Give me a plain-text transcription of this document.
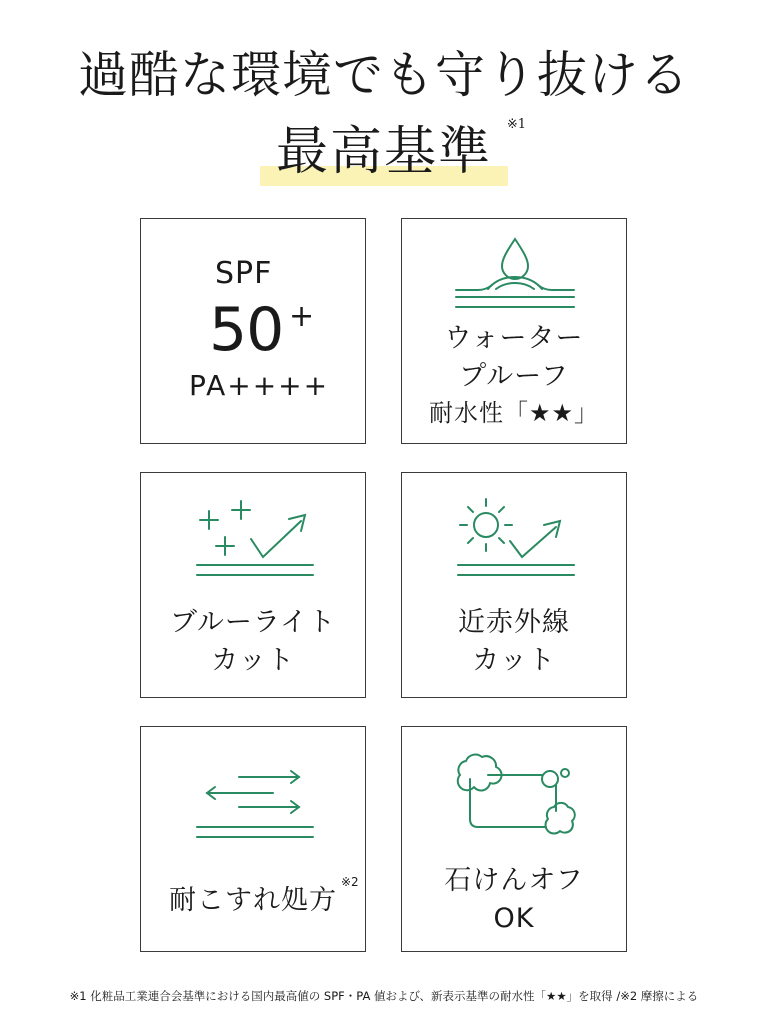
過酷な環境でも守り抜ける
最高基準 ※1
SPF
50 +
PA++++
ウォーター
プルーフ
耐水性「★★」
ブルーライト
カット
近赤外線
カット
耐こすれ処方
※2	石けんオフ
OK
※1 化粧品工業連合会基準における国内最高値の SPF・PA 値および、新表示基準の耐水性「★★」を取得 /※2 摩擦による
